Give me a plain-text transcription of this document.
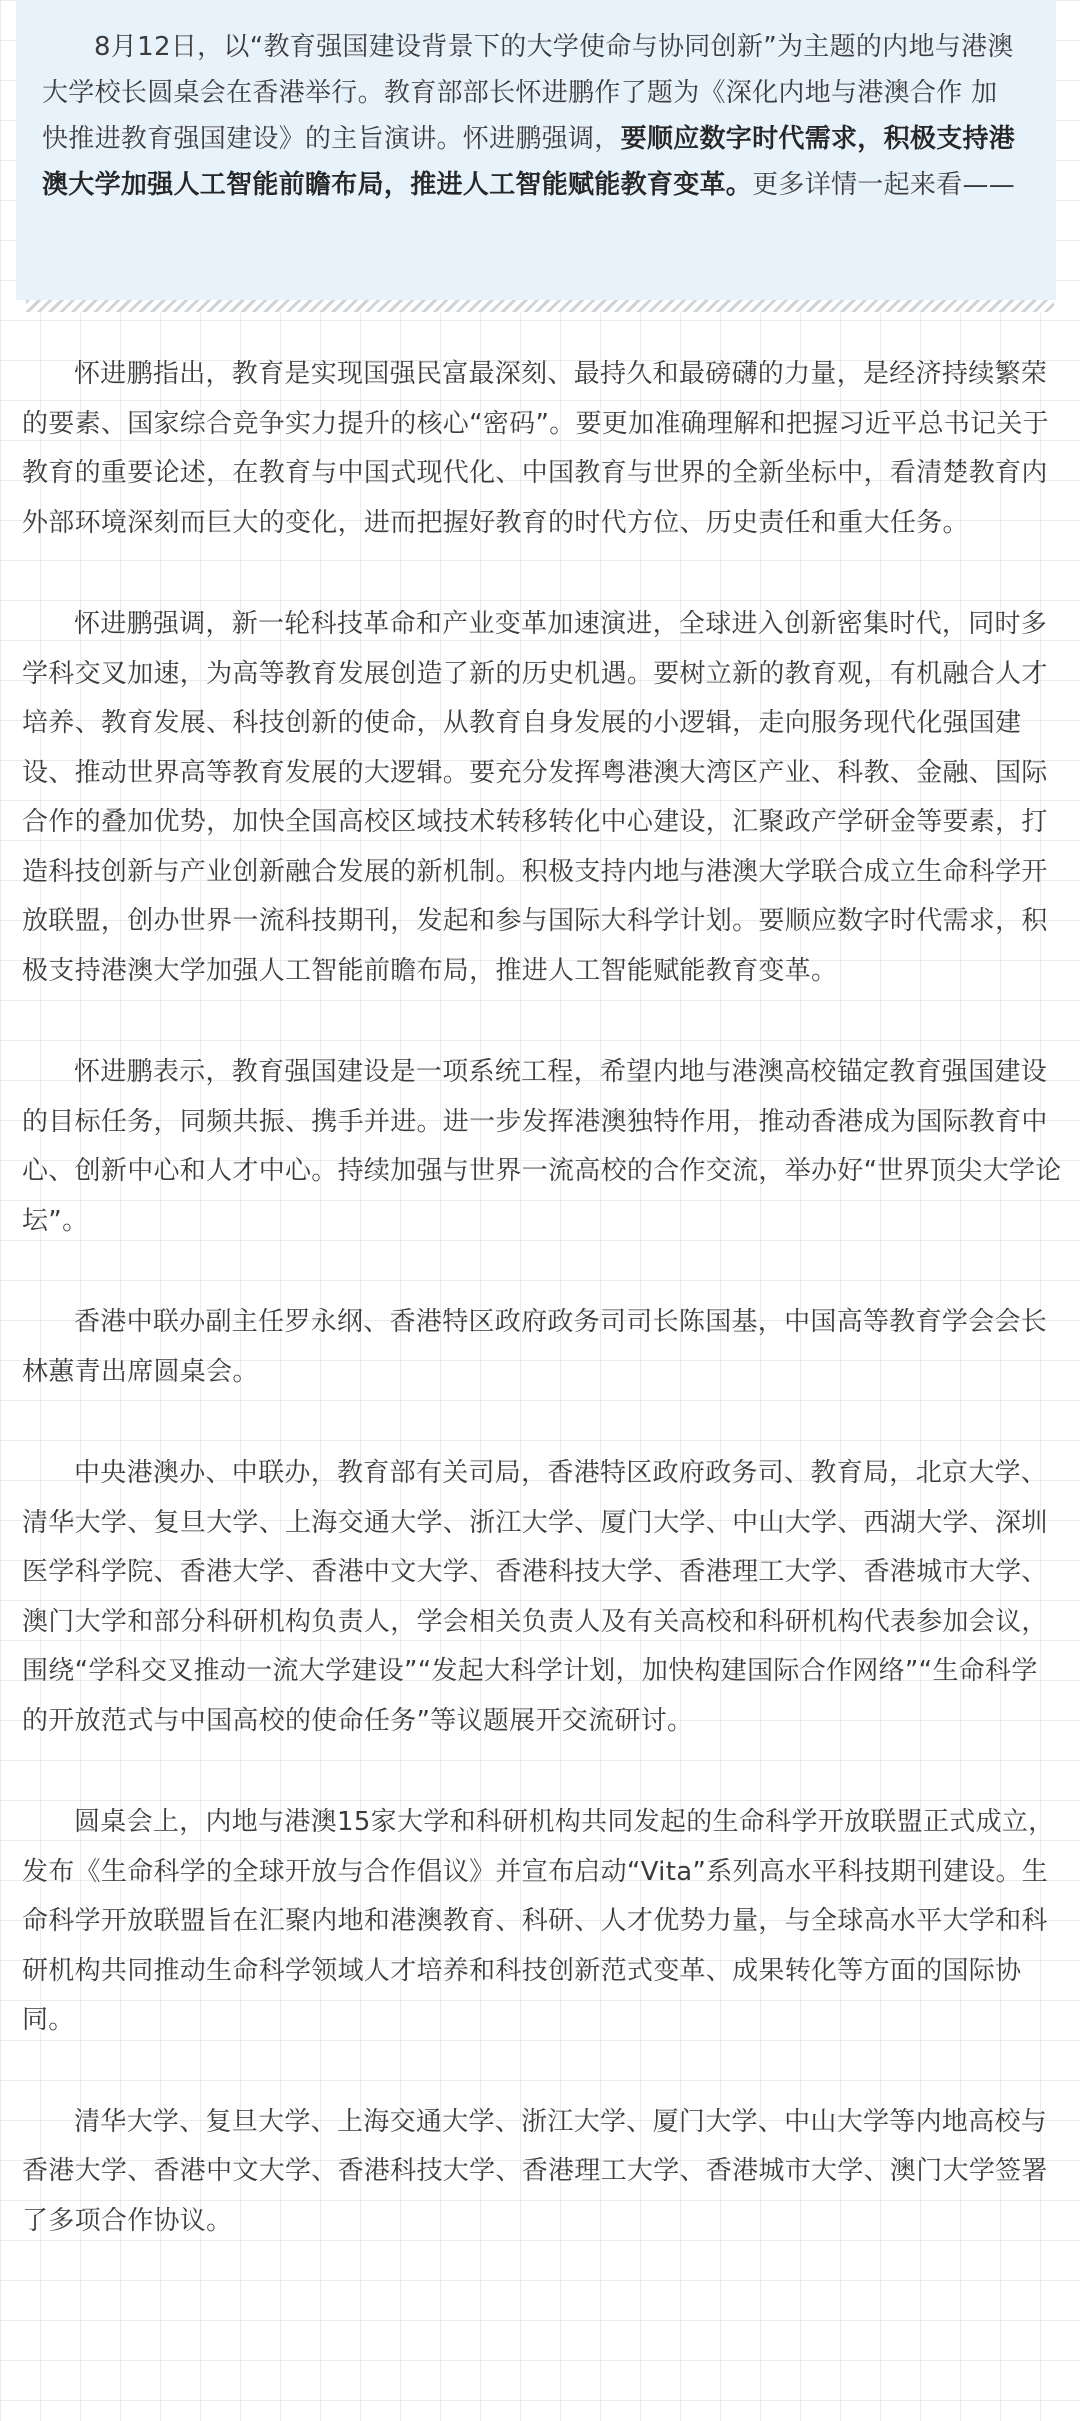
8月12日，以“教育强国建设背景下的大学使命与协同创新”为主题的内地与港澳大学校长圆桌会在香港举行。教育部部长怀进鹏作了题为《深化内地与港澳合作 加快推进教育强国建设》的主旨演讲。怀进鹏强调，要顺应数字时代需求，积极支持港澳大学加强人工智能前瞻布局，推进人工智能赋能教育变革。更多详情一起来看——

怀进鹏指出，教育是实现国强民富最深刻、最持久和最磅礴的力量，是经济持续繁荣的要素、国家综合竞争实力提升的核心“密码”。要更加准确理解和把握习近平总书记关于教育的重要论述，在教育与中国式现代化、中国教育与世界的全新坐标中，看清楚教育内外部环境深刻而巨大的变化，进而把握好教育的时代方位、历史责任和重大任务。

怀进鹏强调，新一轮科技革命和产业变革加速演进，全球进入创新密集时代，同时多学科交叉加速，为高等教育发展创造了新的历史机遇。要树立新的教育观，有机融合人才培养、教育发展、科技创新的使命，从教育自身发展的小逻辑，走向服务现代化强国建设、推动世界高等教育发展的大逻辑。要充分发挥粤港澳大湾区产业、科教、金融、国际合作的叠加优势，加快全国高校区域技术转移转化中心建设，汇聚政产学研金等要素，打造科技创新与产业创新融合发展的新机制。积极支持内地与港澳大学联合成立生命科学开放联盟，创办世界一流科技期刊，发起和参与国际大科学计划。要顺应数字时代需求，积极支持港澳大学加强人工智能前瞻布局，推进人工智能赋能教育变革。

怀进鹏表示，教育强国建设是一项系统工程，希望内地与港澳高校锚定教育强国建设的目标任务，同频共振、携手并进。进一步发挥港澳独特作用，推动香港成为国际教育中心、创新中心和人才中心。持续加强与世界一流高校的合作交流，举办好“世界顶尖大学论坛”。

香港中联办副主任罗永纲、香港特区政府政务司司长陈国基，中国高等教育学会会长林蕙青出席圆桌会。

中央港澳办、中联办，教育部有关司局，香港特区政府政务司、教育局，北京大学、清华大学、复旦大学、上海交通大学、浙江大学、厦门大学、中山大学、西湖大学、深圳医学科学院、香港大学、香港中文大学、香港科技大学、香港理工大学、香港城市大学、澳门大学和部分科研机构负责人，学会相关负责人及有关高校和科研机构代表参加会议，围绕“学科交叉推动一流大学建设”“发起大科学计划，加快构建国际合作网络”“生命科学的开放范式与中国高校的使命任务”等议题展开交流研讨。

圆桌会上，内地与港澳15家大学和科研机构共同发起的生命科学开放联盟正式成立，发布《生命科学的全球开放与合作倡议》并宣布启动“Vita”系列高水平科技期刊建设。生命科学开放联盟旨在汇聚内地和港澳教育、科研、人才优势力量，与全球高水平大学和科研机构共同推动生命科学领域人才培养和科技创新范式变革、成果转化等方面的国际协同。

清华大学、复旦大学、上海交通大学、浙江大学、厦门大学、中山大学等内地高校与香港大学、香港中文大学、香港科技大学、香港理工大学、香港城市大学、澳门大学签署了多项合作协议。
